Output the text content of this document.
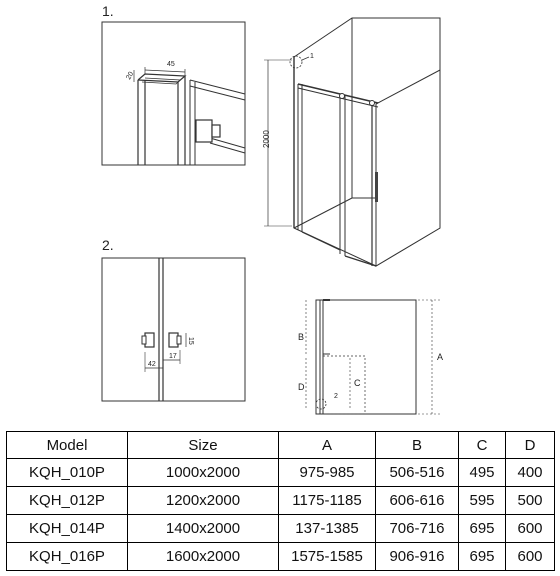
1.
2.
45
20
42
17
15
1
2000
A
B
D	C
2
Model	Size	A	B	C	D
KQH_010P	1000x2000	975-985	506-516	495	400
KQH_012P	1200x2000	1175-1185	606-616	595	500
KQH_014P	1400x2000	137-1385	706-716	695	600
KQH_016P	1600x2000	1575-1585	906-916	695	600
